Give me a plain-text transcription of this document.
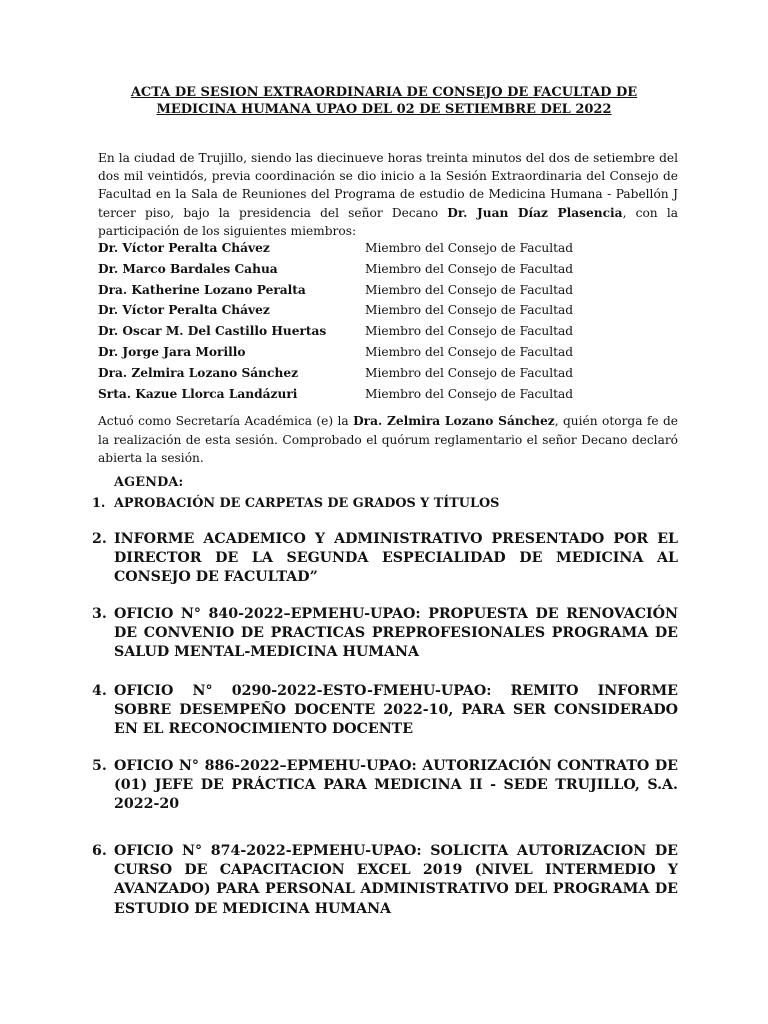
ACTA DE SESION EXTRAORDINARIA DE CONSEJO DE FACULTAD DE
MEDICINA HUMANA UPAO DEL 02 DE SETIEMBRE DEL 2022
En la ciudad de Trujillo, siendo las diecinueve horas treinta minutos del dos de setiembre del dos mil veintidós, previa coordinación se dio inicio a la Sesión Extraordinaria del Consejo de Facultad en la Sala de Reuniones del Programa de estudio de Medicina Humana - Pabellón J tercer piso, bajo la presidencia del señor Decano Dr. Juan Díaz Plasencia, con la participación de los siguientes miembros:
Dr. Víctor Peralta Chávez	Miembro del Consejo de Facultad
Dr. Marco Bardales Cahua	Miembro del Consejo de Facultad
Dra. Katherine Lozano Peralta	Miembro del Consejo de Facultad
Dr. Víctor Peralta Chávez	Miembro del Consejo de Facultad
Dr. Oscar M. Del Castillo Huertas	Miembro del Consejo de Facultad
Dr. Jorge Jara Morillo	Miembro del Consejo de Facultad
Dra. Zelmira Lozano Sánchez	Miembro del Consejo de Facultad
Srta. Kazue Llorca Landázuri	Miembro del Consejo de Facultad
Actuó como Secretaría Académica (e) la Dra. Zelmira Lozano Sánchez, quién otorga fe de la realización de esta sesión. Comprobado el quórum reglamentario el señor Decano declaró abierta la sesión.
AGENDA:
1. APROBACIÓN DE CARPETAS DE GRADOS Y TÍTULOS
2. INFORME ACADEMICO Y ADMINISTRATIVO PRESENTADO POR EL DIRECTOR DE LA SEGUNDA ESPECIALIDAD DE MEDICINA AL CONSEJO DE FACULTAD”
3. OFICIO N° 840-2022–EPMEHU-UPAO: PROPUESTA DE RENOVACIÓN DE CONVENIO DE PRACTICAS PREPROFESIONALES PROGRAMA DE SALUD MENTAL-MEDICINA HUMANA
4. OFICIO N° 0290-2022-ESTO-FMEHU-UPAO: REMITO INFORME SOBRE DESEMPEÑO DOCENTE 2022-10, PARA SER CONSIDERADO EN EL RECONOCIMIENTO DOCENTE
5. OFICIO N° 886-2022–EPMEHU-UPAO: AUTORIZACIÓN CONTRATO DE (01) JEFE DE PRÁCTICA PARA MEDICINA II - SEDE TRUJILLO, S.A. 2022-20
6. OFICIO N° 874-2022-EPMEHU-UPAO: SOLICITA AUTORIZACION DE CURSO DE CAPACITACION EXCEL 2019 (NIVEL INTERMEDIO Y AVANZADO) PARA PERSONAL ADMINISTRATIVO DEL PROGRAMA DE ESTUDIO DE MEDICINA HUMANA
